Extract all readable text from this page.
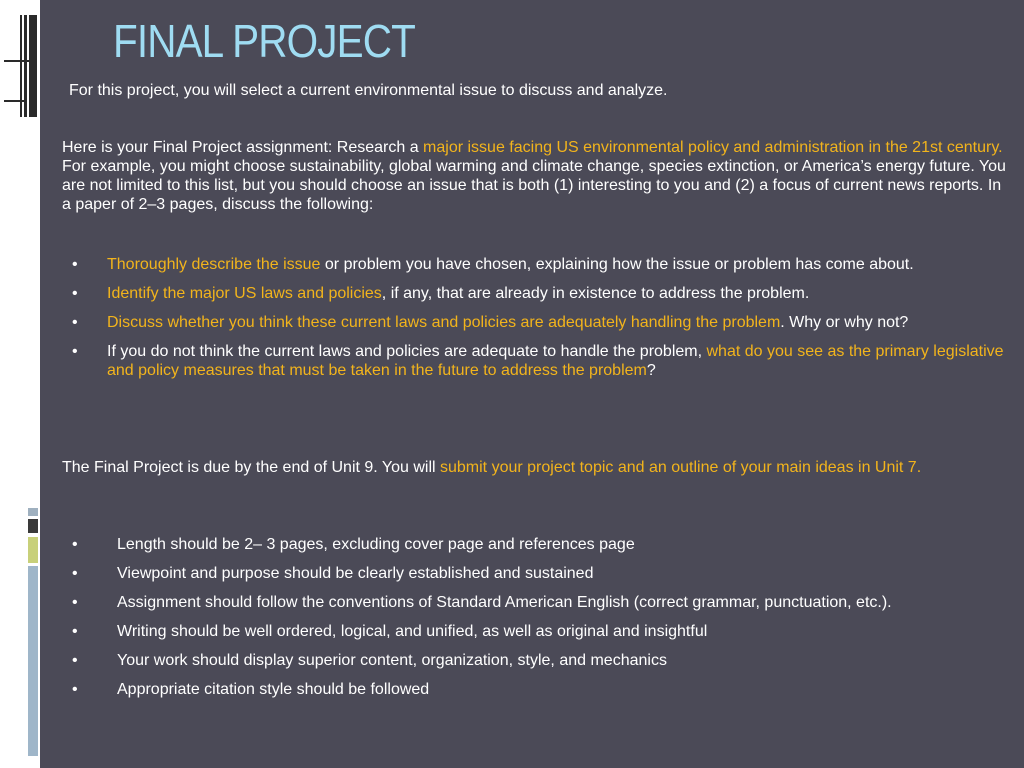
FINAL PROJECT
For this project, you will select a current environmental issue to discuss and analyze.
Here is your Final Project assignment: Research a major issue facing US environmental policy and administration in the 21st century. For example, you might choose sustainability, global warming and climate change, species extinction, or America’s energy future. You are not limited to this list, but you should choose an issue that is both (1) interesting to you and (2) a focus of current news reports. In a paper of 2–3 pages, discuss the following:
• Thoroughly describe the issue or problem you have chosen, explaining how the issue or problem has come about.
• Identify the major US laws and policies, if any, that are already in existence to address the problem.
• Discuss whether you think these current laws and policies are adequately handling the problem. Why or why not?
• If you do not think the current laws and policies are adequate to handle the problem, what do you see as the primary legislative and policy measures that must be taken in the future to address the problem?
The Final Project is due by the end of Unit 9. You will submit your project topic and an outline of your main ideas in Unit 7.
• Length should be 2– 3 pages, excluding cover page and references page
• Viewpoint and purpose should be clearly established and sustained
• Assignment should follow the conventions of Standard American English (correct grammar, punctuation, etc.).
• Writing should be well ordered, logical, and unified, as well as original and insightful
• Your work should display superior content, organization, style, and mechanics
• Appropriate citation style should be followed
